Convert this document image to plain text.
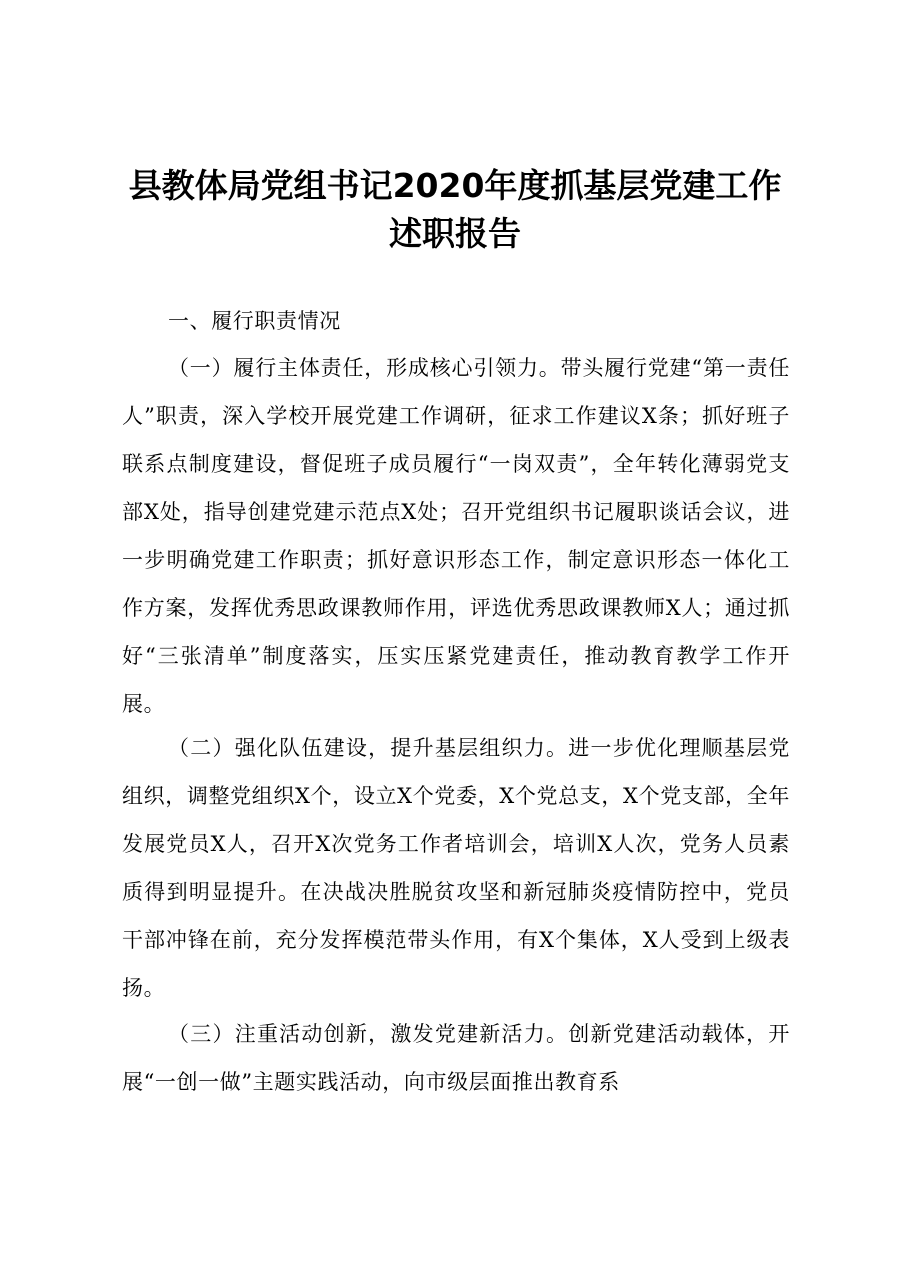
县教体局党组书记2020年度抓基层党建工作
述职报告
一、履行职责情况
（一）履行主体责任，形成核心引领力。带头履行党建“第一责任人”职责，深入学校开展党建工作调研，征求工作建议X条；抓好班子联系点制度建设，督促班子成员履行“一岗双责”，全年转化薄弱党支部X处，指导创建党建示范点X处；召开党组织书记履职谈话会议，进一步明确党建工作职责；抓好意识形态工作，制定意识形态一体化工作方案，发挥优秀思政课教师作用，评选优秀思政课教师X人；通过抓好“三张清单”制度落实，压实压紧党建责任，推动教育教学工作开展。
（二）强化队伍建设，提升基层组织力。进一步优化理顺基层党组织，调整党组织X个，设立X个党委，X个党总支，X个党支部，全年发展党员X人，召开X次党务工作者培训会，培训X人次，党务人员素质得到明显提升。在决战决胜脱贫攻坚和新冠肺炎疫情防控中，党员干部冲锋在前，充分发挥模范带头作用，有X个集体，X人受到上级表扬。
（三）注重活动创新，激发党建新活力。创新党建活动载体，开展“一创一做”主题实践活动，向市级层面推出教育系
